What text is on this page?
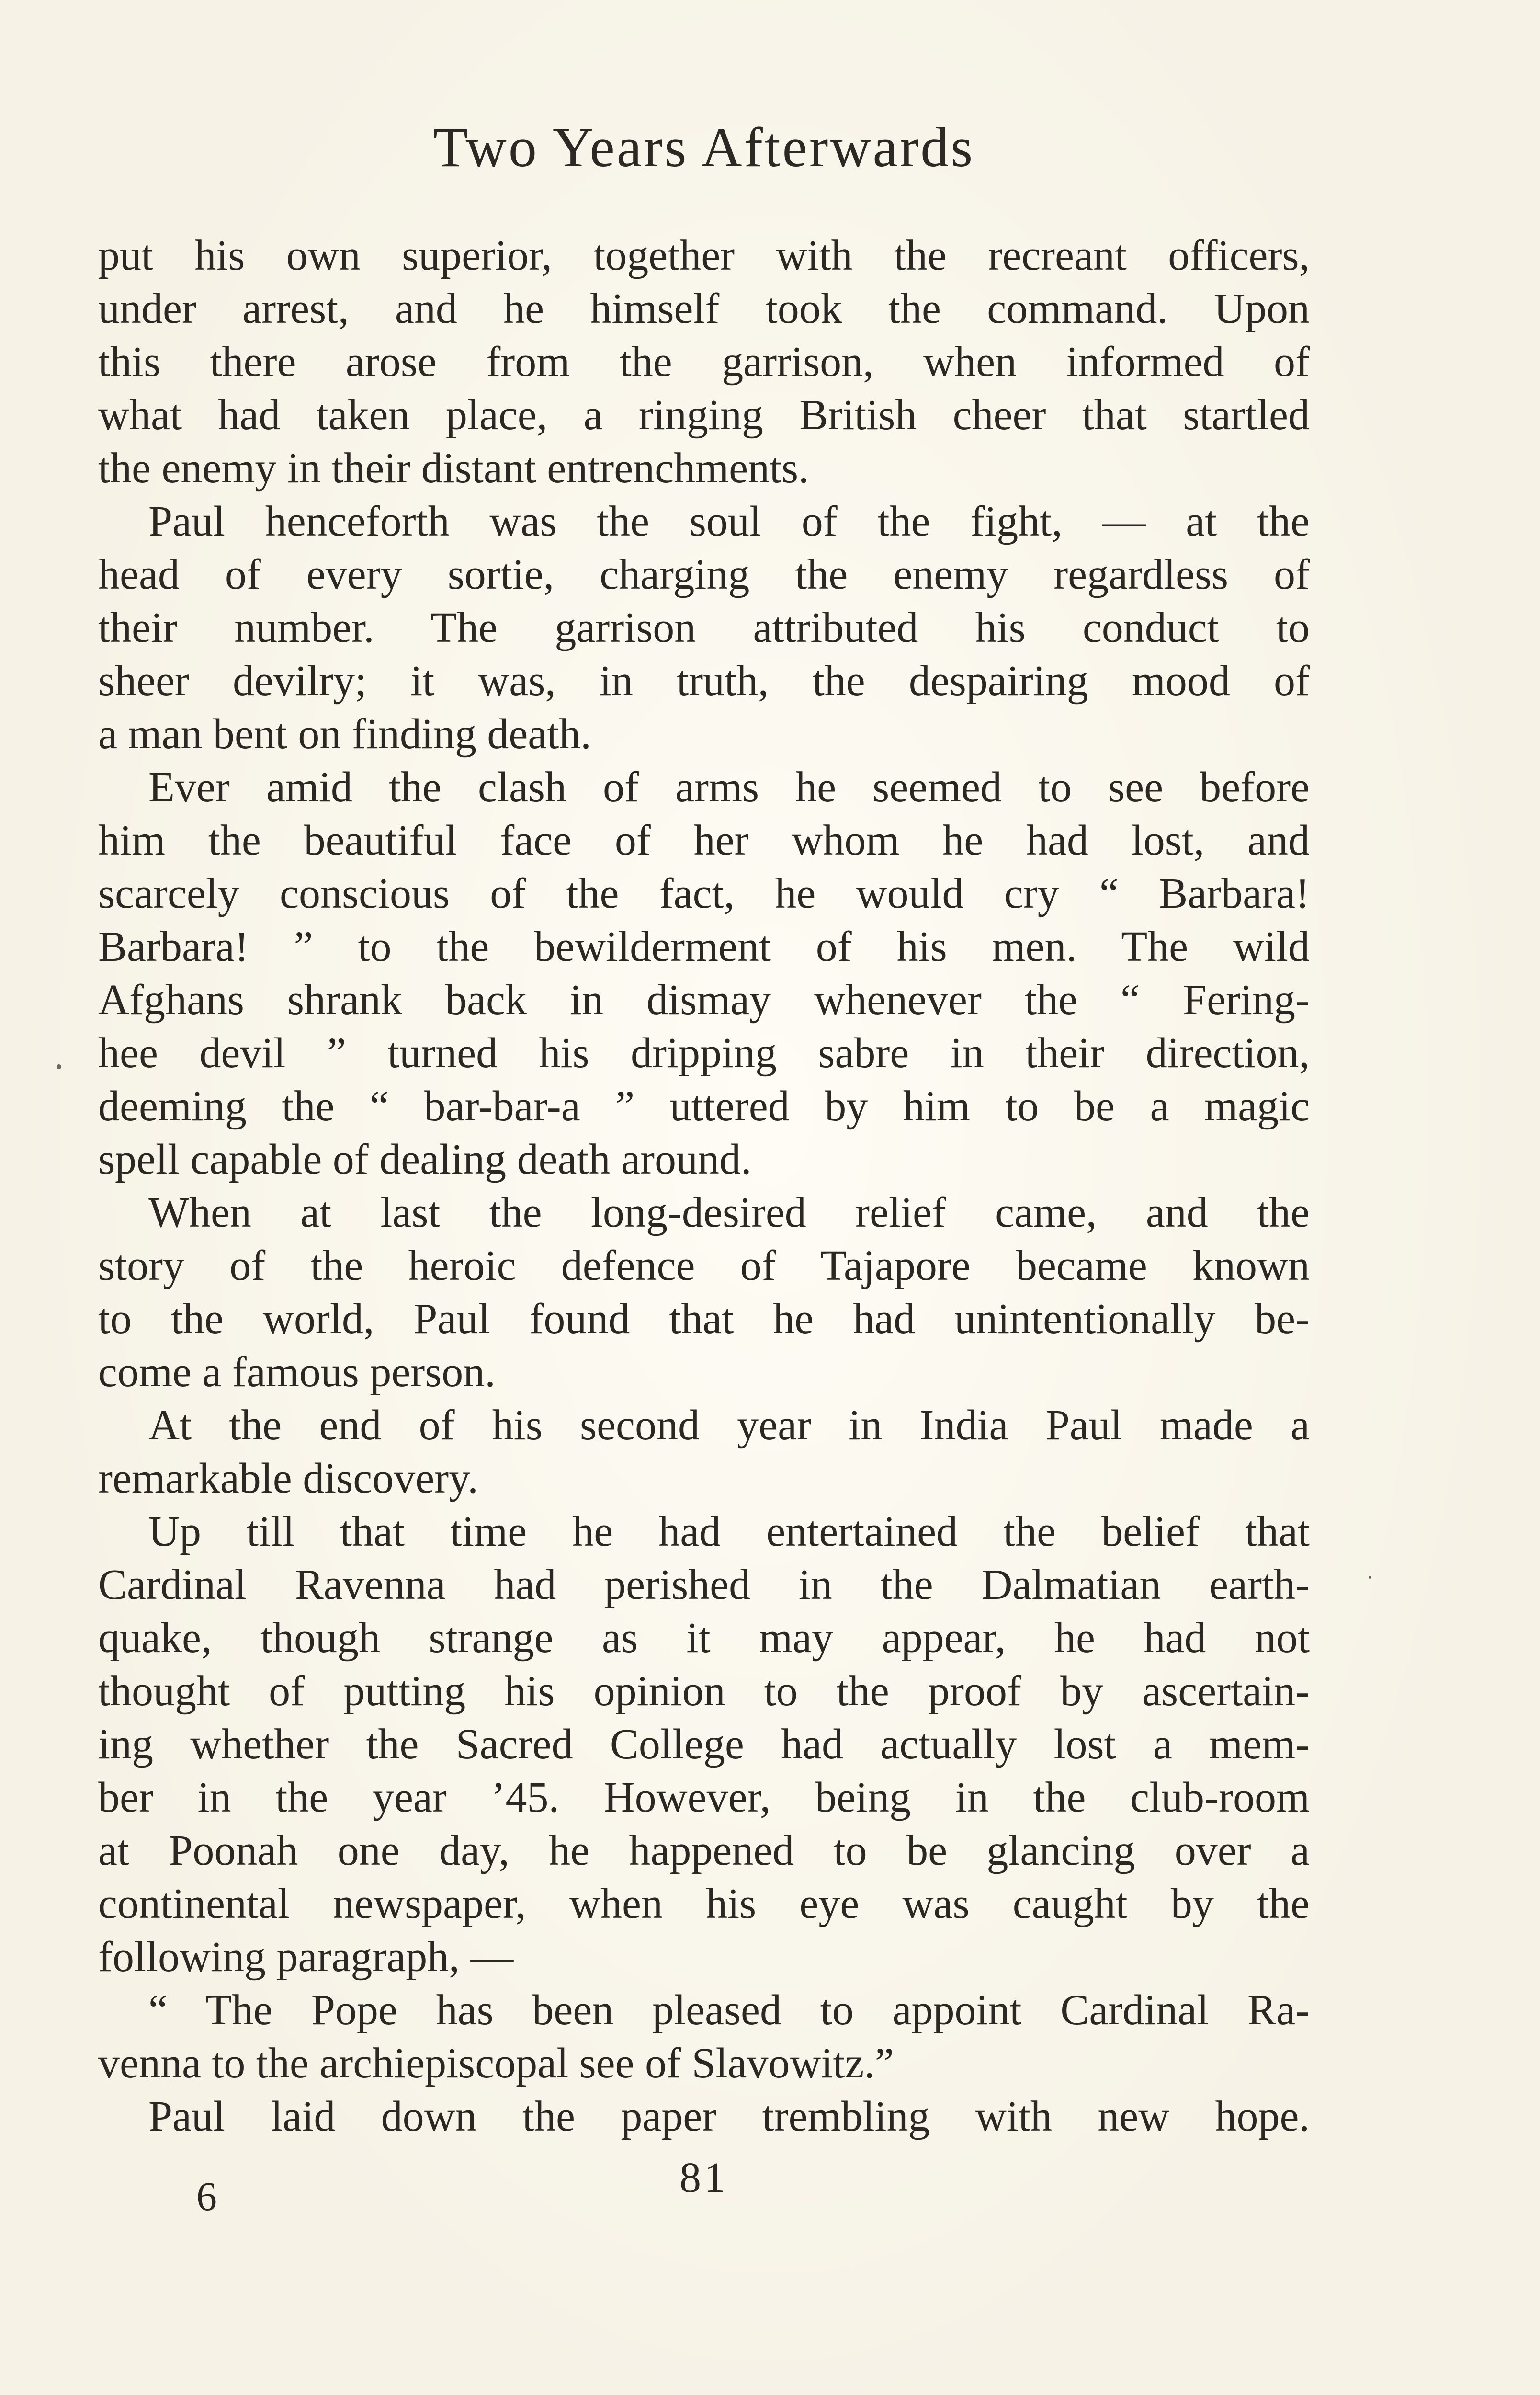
Two Years Afterwards
put his own superior, together with the recreant officers,
under arrest, and he himself took the command. Upon
this there arose from the garrison, when informed of
what had taken place, a ringing British cheer that startled
the enemy in their distant entrenchments.
Paul henceforth was the soul of the fight, — at the
head of every sortie, charging the enemy regardless of
their number. The garrison attributed his conduct to
sheer devilry; it was, in truth, the despairing mood of
a man bent on finding death.
Ever amid the clash of arms he seemed to see before
him the beautiful face of her whom he had lost, and
scarcely conscious of the fact, he would cry “ Barbara!
Barbara! ” to the bewilderment of his men. The wild
Afghans shrank back in dismay whenever the “ Fering-
hee devil ” turned his dripping sabre in their direction,
deeming the “ bar-bar-a ” uttered by him to be a magic
spell capable of dealing death around.
When at last the long-desired relief came, and the
story of the heroic defence of Tajapore became known
to the world, Paul found that he had unintentionally be-
come a famous person.
At the end of his second year in India Paul made a
remarkable discovery.
Up till that time he had entertained the belief that
Cardinal Ravenna had perished in the Dalmatian earth-
quake, though strange as it may appear, he had not
thought of putting his opinion to the proof by ascertain-
ing whether the Sacred College had actually lost a mem-
ber in the year ’45. However, being in the club-room
at Poonah one day, he happened to be glancing over a
continental newspaper, when his eye was caught by the
following paragraph, —
“ The Pope has been pleased to appoint Cardinal Ra-
venna to the archiepiscopal see of Slavowitz.”
Paul laid down the paper trembling with new hope.
6	81
